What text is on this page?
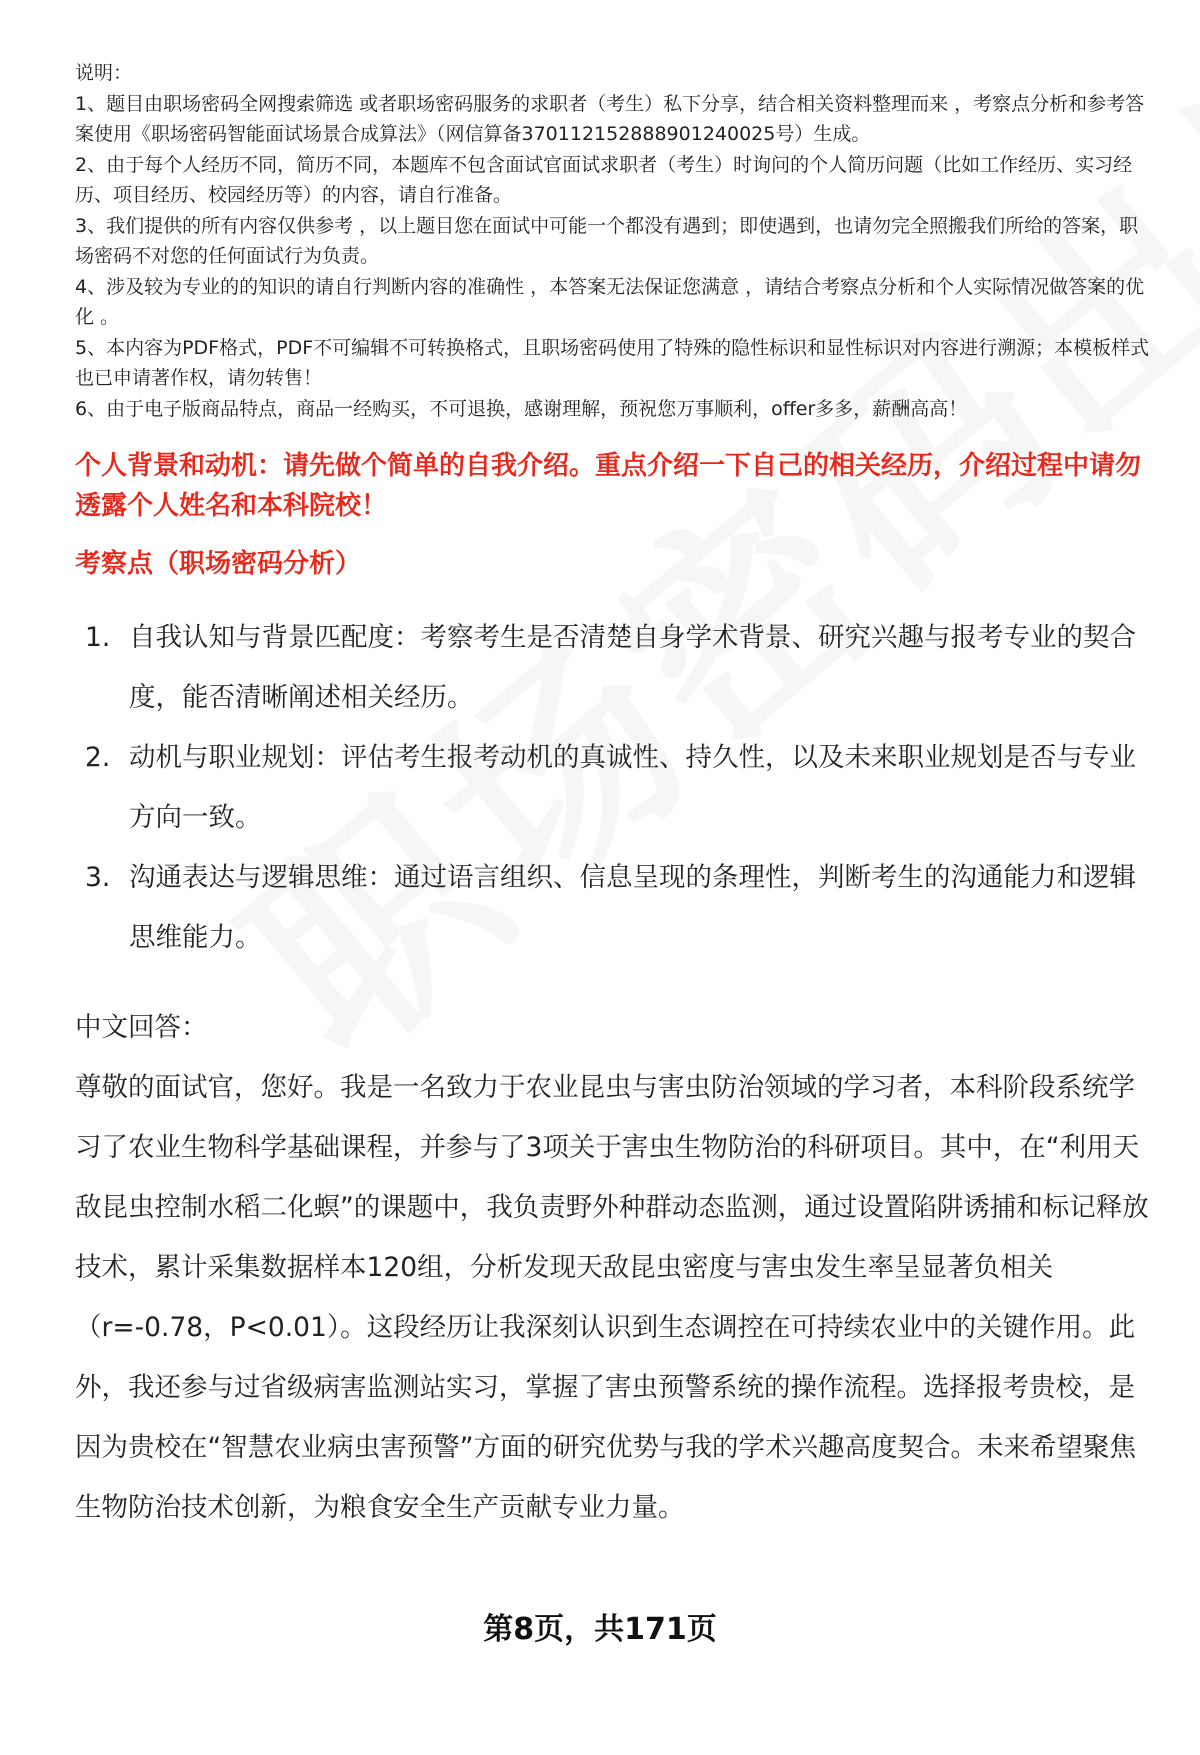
说明：

1、题目由职场密码全网搜索筛选 或者职场密码服务的求职者（考生）私下分享，结合相关资料整理而来 ，考察点分析和参考答案使用《职场密码智能面试场景合成算法》（网信算备370112152888901240025号）生成。

2、由于每个人经历不同，简历不同，本题库不包含面试官面试求职者（考生）时询问的个人简历问题（比如工作经历、实习经历、项目经历、校园经历等）的内容，请自行准备。

3、我们提供的所有内容仅供参考 ，以上题目您在面试中可能一个都没有遇到；即使遇到，也请勿完全照搬我们所给的答案，职场密码不对您的任何面试行为负责。

4、涉及较为专业的的知识的请自行判断内容的准确性 ，本答案无法保证您满意 ，请结合考察点分析和个人实际情况做答案的优化 。

5、本内容为PDF格式，PDF不可编辑不可转换格式，且职场密码使用了特殊的隐性标识和显性标识对内容进行溯源；本模板样式也已申请著作权，请勿转售！

6、由于电子版商品特点，商品一经购买，不可退换，感谢理解，预祝您万事顺利，offer多多，薪酬高高！

个人背景和动机：请先做个简单的自我介绍。重点介绍一下自己的相关经历，介绍过程中请勿透露个人姓名和本科院校！

考察点（职场密码分析）

1. 自我认知与背景匹配度：考察考生是否清楚自身学术背景、研究兴趣与报考专业的契合度，能否清晰阐述相关经历。
2. 动机与职业规划：评估考生报考动机的真诚性、持久性，以及未来职业规划是否与专业方向一致。
3. 沟通表达与逻辑思维：通过语言组织、信息呈现的条理性，判断考生的沟通能力和逻辑思维能力。

中文回答：

尊敬的面试官，您好。我是一名致力于农业昆虫与害虫防治领域的学习者，本科阶段系统学习了农业生物科学基础课程，并参与了3项关于害虫生物防治的科研项目。其中，在“利用天敌昆虫控制水稻二化螟”的课题中，我负责野外种群动态监测，通过设置陷阱诱捕和标记释放技术，累计采集数据样本120组，分析发现天敌昆虫密度与害虫发生率呈显著负相关（r=-0.78，P<0.01）。这段经历让我深刻认识到生态调控在可持续农业中的关键作用。此外，我还参与过省级病害监测站实习，掌握了害虫预警系统的操作流程。选择报考贵校，是因为贵校在“智慧农业病虫害预警”方面的研究优势与我的学术兴趣高度契合。未来希望聚焦生物防治技术创新，为粮食安全生产贡献专业力量。

第8页，共171页
